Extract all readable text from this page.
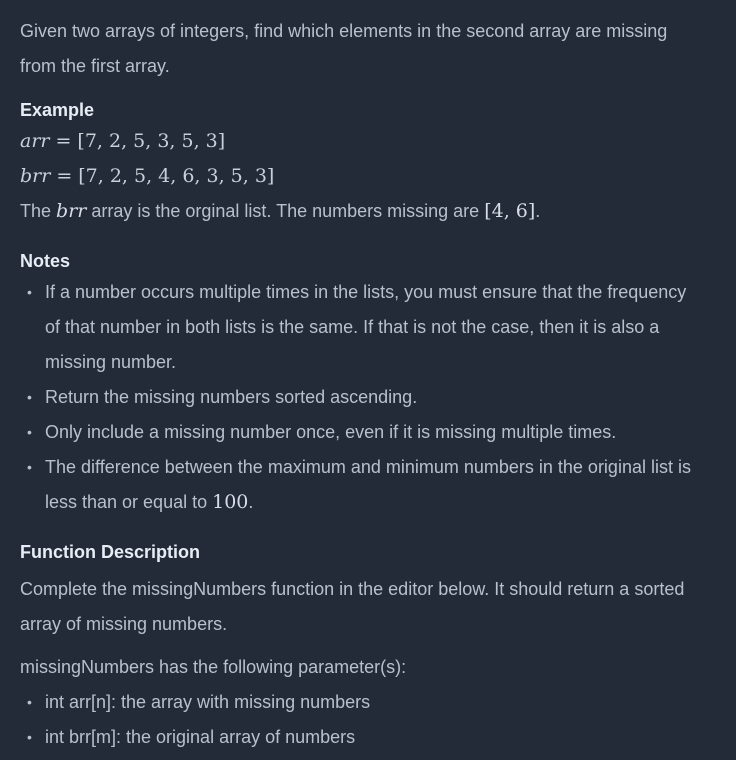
Given two arrays of integers, find which elements in the second array are missing
from the first array.

Example
arr = [7, 2, 5, 3, 5, 3]
brr = [7, 2, 5, 4, 6, 3, 5, 3]

The brr array is the orginal list. The numbers missing are [4, 6].

Notes
• If a number occurs multiple times in the lists, you must ensure that the frequency
of that number in both lists is the same. If that is not the case, then it is also a
missing number.
• Return the missing numbers sorted ascending.
• Only include a missing number once, even if it is missing multiple times.
• The difference between the maximum and minimum numbers in the original list is
less than or equal to 100.
Function Description

Complete the missingNumbers function in the editor below. It should return a sorted
array of missing numbers.

missingNumbers has the following parameter(s):

• int arr[n]: the array with missing numbers
• int brr[m]: the original array of numbers
